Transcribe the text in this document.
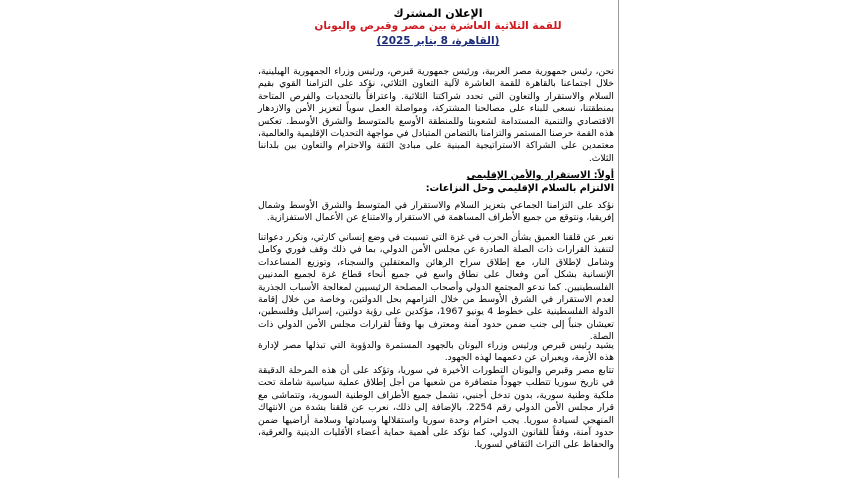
الإعلان المشترك
للقمة الثلاثية العاشرة بين مصر وقبرص واليونان
(القاهرة، 8 يناير 2025)

نحن، رئيس جمهورية مصر العربية، ورئيس جمهورية قبرص، ورئيس وزراء الجمهورية الهيلينية، خلال اجتماعنا بالقاهرة للقمة العاشرة لآلية التعاون الثلاثي، نؤكد على التزامنا القوي بقيم السلام والاستقرار والتعاون التي تحدد شراكتنا الثلاثية. واعترافاً بالتحديات والفرص المتاحة بمنطقتنا، نسعى للبناء على مصالحنا المشتركة، ومواصلة العمل سوياً لتعزيز الأمن والازدهار الاقتصادي والتنمية المستدامة لشعوبنا وللمنطقة الأوسع بالمتوسط والشرق الأوسط. تعكس هذه القمة حرصنا المستمر والتزامنا بالتضامن المتبادل في مواجهة التحديات الإقليمية والعالمية، معتمدين على الشراكة الاستراتيجية المبنية على مبادئ الثقة والاحترام والتعاون بين بلداننا الثلاث.

أولاً: الاستقرار والأمن الإقليمي

الالتزام بالسلام الإقليمي وحل النزاعات:

نؤكد على التزامنا الجماعي بتعزيز السلام والاستقرار في المتوسط والشرق الأوسط وشمال إفريقيا، ونتوقع من جميع الأطراف المساهمة في الاستقرار والامتناع عن الأعمال الاستفزازية.

نعبر عن قلقنا العميق بشأن الحرب في غزة التي تسببت في وضع إنساني كارثي، ونكرر دعواتنا لتنفيذ القرارات ذات الصلة الصادرة عن مجلس الأمن الدولي، بما في ذلك وقف فوري وكامل وشامل لإطلاق النار، مع إطلاق سراح الرهائن والمعتقلين والسجناء، وتوزيع المساعدات الإنسانية بشكل آمن وفعال على نطاق واسع في جميع أنحاء قطاع غزة لجميع المدنيين الفلسطينيين. كما ندعو المجتمع الدولي وأصحاب المصلحة الرئيسيين لمعالجة الأسباب الجذرية لعدم الاستقرار في الشرق الأوسط من خلال التزامهم بحل الدولتين، وخاصة من خلال إقامة الدولة الفلسطينية على خطوط 4 يونيو 1967، مؤكدين على رؤية دولتين، إسرائيل وفلسطين، تعيشان جنباً إلى جنب ضمن حدود آمنة ومعترف بها وفقاً لقرارات مجلس الأمن الدولي ذات الصلة.

يشيد رئيس قبرص ورئيس وزراء اليونان بالجهود المستمرة والدؤوبة التي تبذلها مصر لإدارة هذه الأزمة، ويعبران عن دعمهما لهذه الجهود.

تتابع مصر وقبرص واليونان التطورات الأخيرة في سوريا، وتؤكد على أن هذه المرحلة الدقيقة في تاريخ سوريا تتطلب جهوداً متضافرة من شعبها من أجل إطلاق عملية سياسية شاملة تحت ملكية وطنية سورية، بدون تدخل أجنبي، تشمل جميع الأطراف الوطنية السورية، وتتماشى مع قرار مجلس الأمن الدولي رقم 2254. بالإضافة إلى ذلك، نعرب عن قلقنا بشدة من الانتهاك المنهجي لسيادة سوريا. يجب احترام وحدة سوريا واستقلالها وسيادتها وسلامة أراضيها ضمن حدود آمنة، وفقاً للقانون الدولي، كما نؤكد على أهمية حماية أعضاء الأقليات الدينية والعرقية، والحفاظ على التراث الثقافي لسوريا.
